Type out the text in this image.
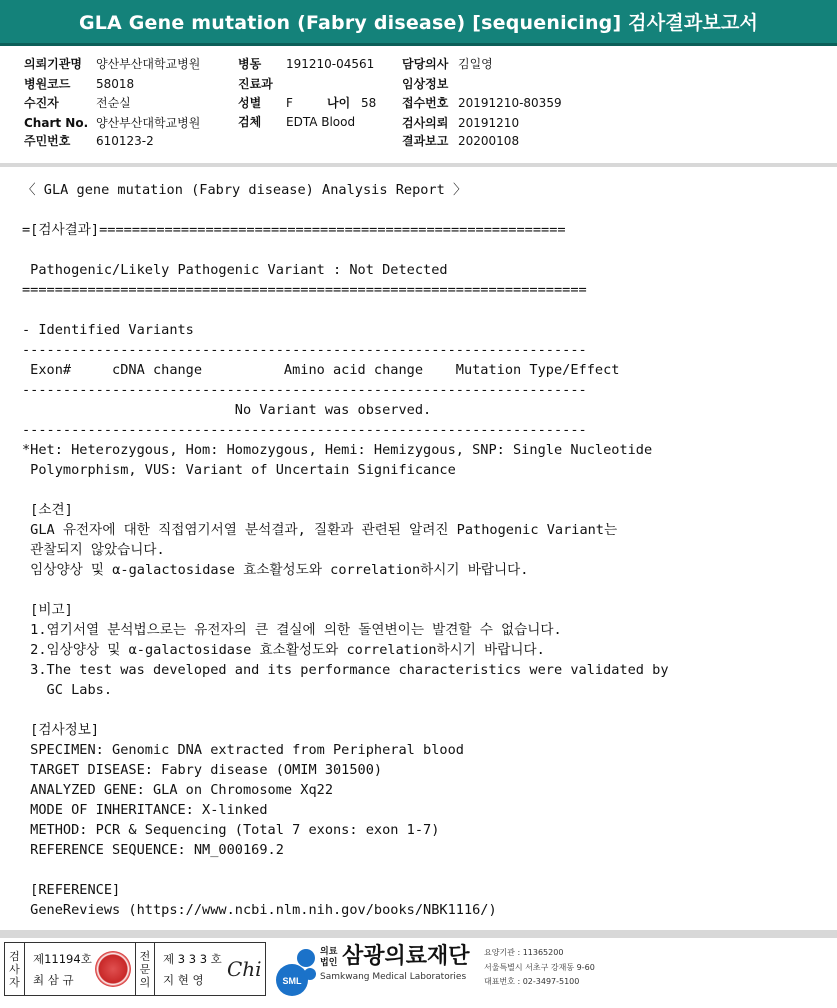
GLA Gene mutation (Fabry disease) [sequenicing] 검사결과보고서
의뢰기관명 양산부산대학교병원
병원코드 58018
수진자	전순실
Chart No. 양산부산대학교병원
주민번호 610123-2
병동 191210-04561
진료과
성별 F	나이 58
검체 EDTA Blood
담당의사 김일영
임상정보
접수번호 20191210-80359
검사의뢰 20191210
결과보고 20200108
〈 GLA gene mutation (Fabry disease) Analysis Report 〉
=[검사결과]=========================================================
Pathogenic/Likely Pathogenic Variant : Not Detected
=====================================================================
- Identified Variants
---------------------------------------------------------------------
Exon#     cDNA change          Amino acid change    Mutation Type/Effect
---------------------------------------------------------------------
No Variant was observed.
---------------------------------------------------------------------
*Het: Heterozygous, Hom: Homozygous, Hemi: Hemizygous, SNP: Single Nucleotide
Polymorphism, VUS: Variant of Uncertain Significance
[소견]
GLA 유전자에 대한 직접염기서열 분석결과, 질환과 관련된 알려진 Pathogenic Variant는
관찰되지 않았습니다.
임상양상 및 α-galactosidase 효소활성도와 correlation하시기 바랍니다.
[비고]
1.염기서열 분석법으로는 유전자의 큰 결실에 의한 돌연변이는 발견할 수 없습니다.
2.임상양상 및 α-galactosidase 효소활성도와 correlation하시기 바랍니다.
3.The test was developed and its performance characteristics were validated by
GC Labs.
[검사정보]
SPECIMEN: Genomic DNA extracted from Peripheral blood
TARGET DISEASE: Fabry disease (OMIM 301500)
ANALYZED GENE: GLA on Chromosome Xq22
MODE OF INHERITANCE: X-linked
METHOD: PCR & Sequencing (Total 7 exons: exon 1-7)
REFERENCE SEQUENCE: NM_000169.2
[REFERENCE]
GeneReviews (https://www.ncbi.nlm.nih.gov/books/NBK1116/)
검
사
자
제11194호
최 삼 규
전
문
의
제 3 3 3 호
지 현 영 Chi SML
의료
법인 삼광의료재단
Samkwang Medical Laboratories
요양기관 : 11365200
서울특별시 서초구 강재동 9-60
대표번호 : 02-3497-5100
